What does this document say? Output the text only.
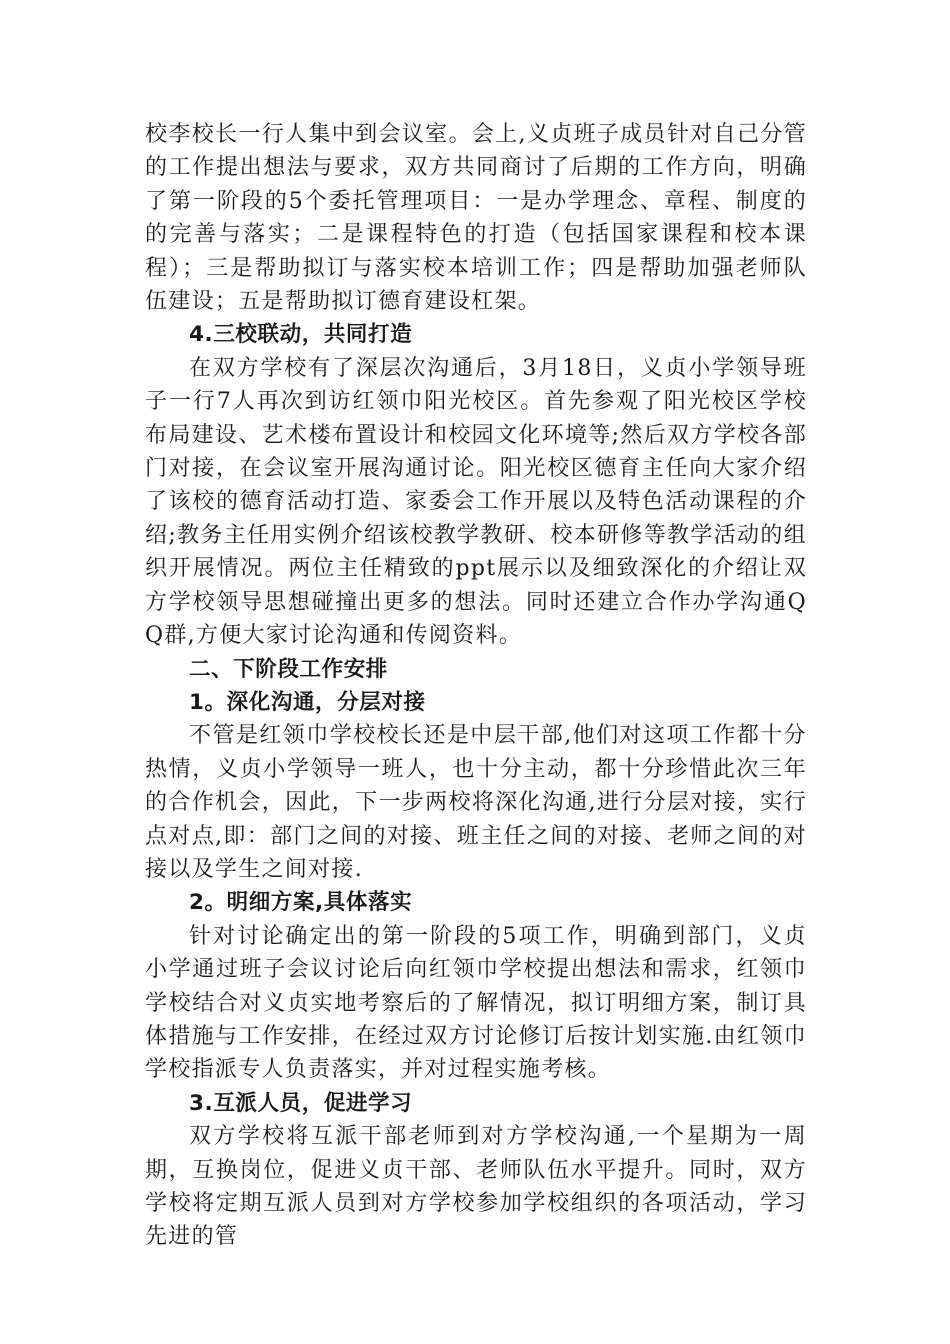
校李校长一行人集中到会议室。会上,义贞班子成员针对自己分管的工作提出想法与要求，双方共同商讨了后期的工作方向，明确了第一阶段的5个委托管理项目：一是办学理念、章程、制度的的完善与落实；二是课程特色的打造（包括国家课程和校本课程）；三是帮助拟订与落实校本培训工作；四是帮助加强老师队伍建设；五是帮助拟订德育建设杠架。

4.三校联动，共同打造

在双方学校有了深层次沟通后，3月18日，义贞小学领导班子一行7人再次到访红领巾阳光校区。首先参观了阳光校区学校布局建设、艺术楼布置设计和校园文化环境等;然后双方学校各部门对接，在会议室开展沟通讨论。阳光校区德育主任向大家介绍了该校的德育活动打造、家委会工作开展以及特色活动课程的介绍;教务主任用实例介绍该校教学教研、校本研修等教学活动的组织开展情况。两位主任精致的ppt展示以及细致深化的介绍让双方学校领导思想碰撞出更多的想法。同时还建立合作办学沟通QQ群,方便大家讨论沟通和传阅资料。

二、下阶段工作安排

1。深化沟通，分层对接

不管是红领巾学校校长还是中层干部,他们对这项工作都十分热情，义贞小学领导一班人，也十分主动，都十分珍惜此次三年的合作机会，因此，下一步两校将深化沟通,进行分层对接，实行点对点,即：部门之间的对接、班主任之间的对接、老师之间的对接以及学生之间对接.

2。明细方案,具体落实

针对讨论确定出的第一阶段的5项工作，明确到部门，义贞小学通过班子会议讨论后向红领巾学校提出想法和需求，红领巾学校结合对义贞实地考察后的了解情况，拟订明细方案，制订具体措施与工作安排，在经过双方讨论修订后按计划实施.由红领巾学校指派专人负责落实，并对过程实施考核。

3.互派人员，促进学习

双方学校将互派干部老师到对方学校沟通,一个星期为一周期，互换岗位，促进义贞干部、老师队伍水平提升。同时，双方学校将定期互派人员到对方学校参加学校组织的各项活动，学习先进的管
